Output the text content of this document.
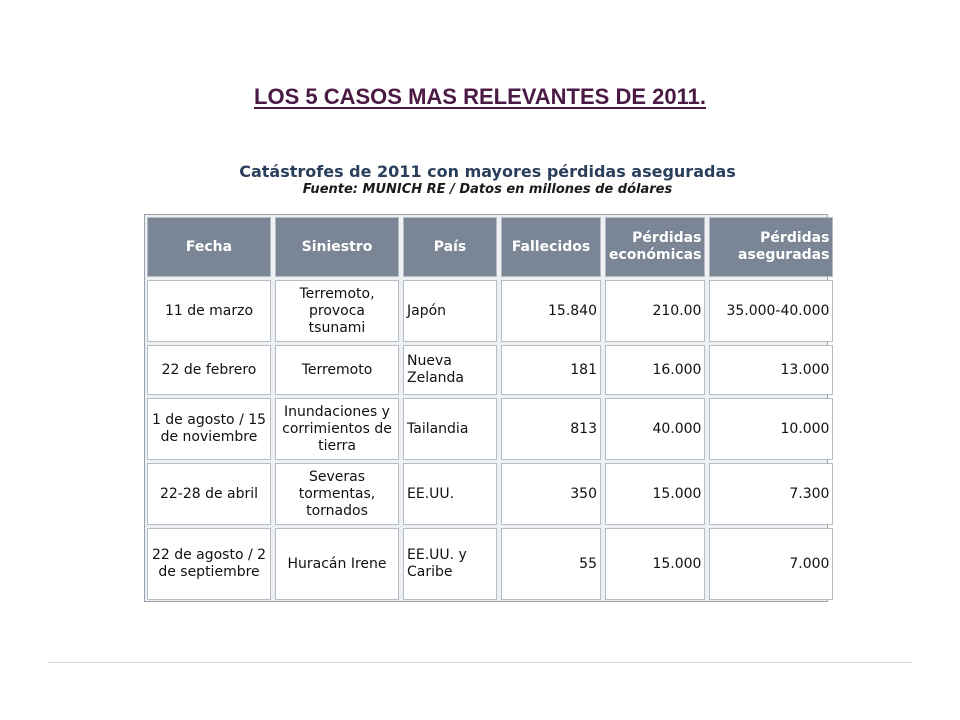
LOS 5 CASOS MAS RELEVANTES DE 2011.
Catástrofes de 2011 con mayores pérdidas aseguradas
Fuente: MUNICH RE / Datos en millones de dólares
Fecha	Siniestro	País	Fallecidos	Pérdidas económicas	Pérdidas aseguradas
11 de marzo	Terremoto, provoca tsunami	Japón	15.840	210.00	35.000-40.000
22 de febrero	Terremoto	Nueva Zelanda	181	16.000	13.000
1 de agosto / 15 de noviembre	Inundaciones y corrimientos de tierra	Tailandia	813	40.000	10.000
22-28 de abril	Severas tormentas, tornados	EE.UU.	350	15.000	7.300
22 de agosto / 2 de septiembre	Huracán Irene	EE.UU. y Caribe	55	15.000	7.000
